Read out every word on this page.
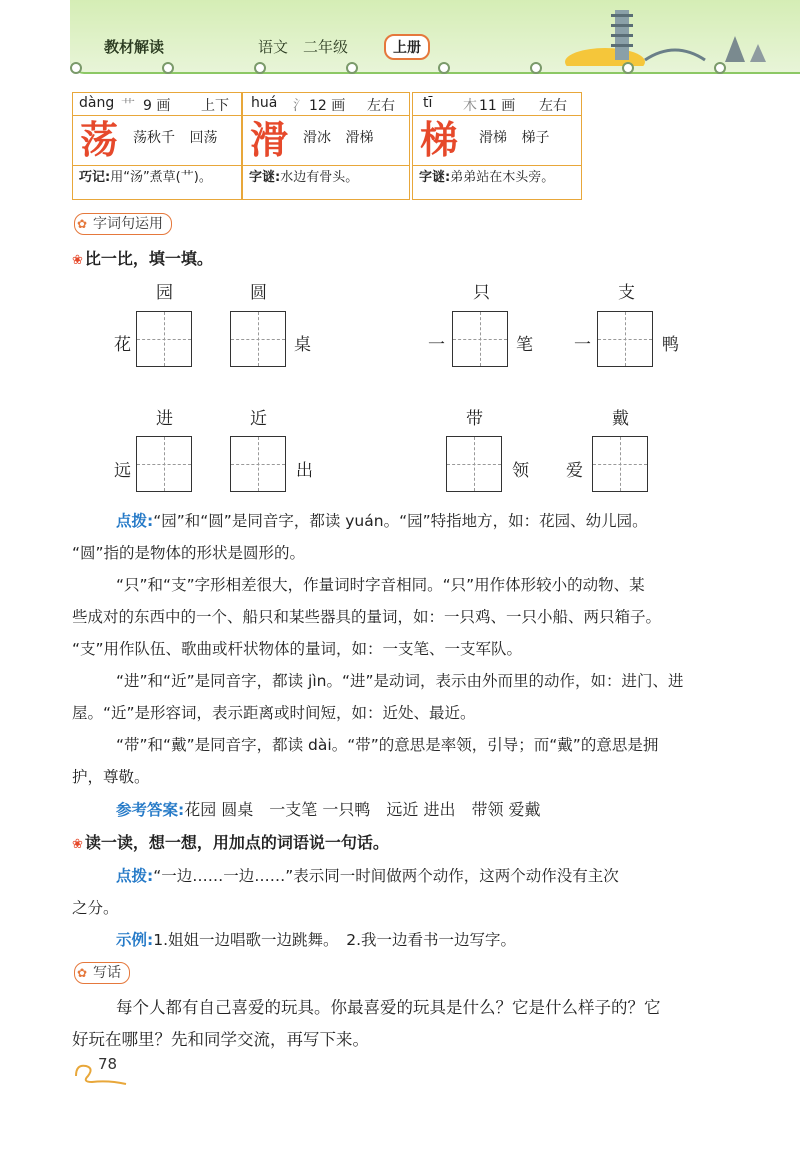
教材解读	语文　二年级	上册
dàng 艹 9 画 上下
荡	荡秋千 回荡
巧记:用“汤”煮草(艹)。
huá 氵 12 画 左右
滑	滑冰 滑梯
字谜:水边有骨头。
tī 木 11 画 左右
梯	滑梯 梯子
字谜:弟弟站在木头旁。
✿ 字词句运用
❀ 比一比，填一填。
园	圆	只	支
花	桌	一	笔 一	鸭
进	近	带	戴
远	出	领 爱
点拨:“园”和“圆”是同音字，都读 yuán。“园”特指地方，如：花园、幼儿园。
“圆”指的是物体的形状是圆形的。
“只”和“支”字形相差很大，作量词时字音相同。“只”用作体形较小的动物、某
些成对的东西中的一个、船只和某些器具的量词，如：一只鸡、一只小船、两只箱子。
“支”用作队伍、歌曲或杆状物体的量词，如：一支笔、一支军队。
“进”和“近”是同音字，都读 jìn。“进”是动词，表示由外而里的动作，如：进门、进
屋。“近”是形容词，表示距离或时间短，如：近处、最近。
“带”和“戴”是同音字，都读 dài。“带”的意思是率领，引导；而“戴”的意思是拥
护，尊敬。
参考答案:花园 圆桌　一支笔 一只鸭　远近 进出　带领 爱戴
❀ 读一读，想一想，用加点的词语说一句话。
点拨:“一边……一边……”表示同一时间做两个动作，这两个动作没有主次
之分。
示例:1.姐姐一边唱歌一边跳舞。　2.我一边看书一边写字。
✿ 写话
每个人都有自己喜爱的玩具。你最喜爱的玩具是什么？它是什么样子的？它
好玩在哪里？先和同学交流，再写下来。
78
